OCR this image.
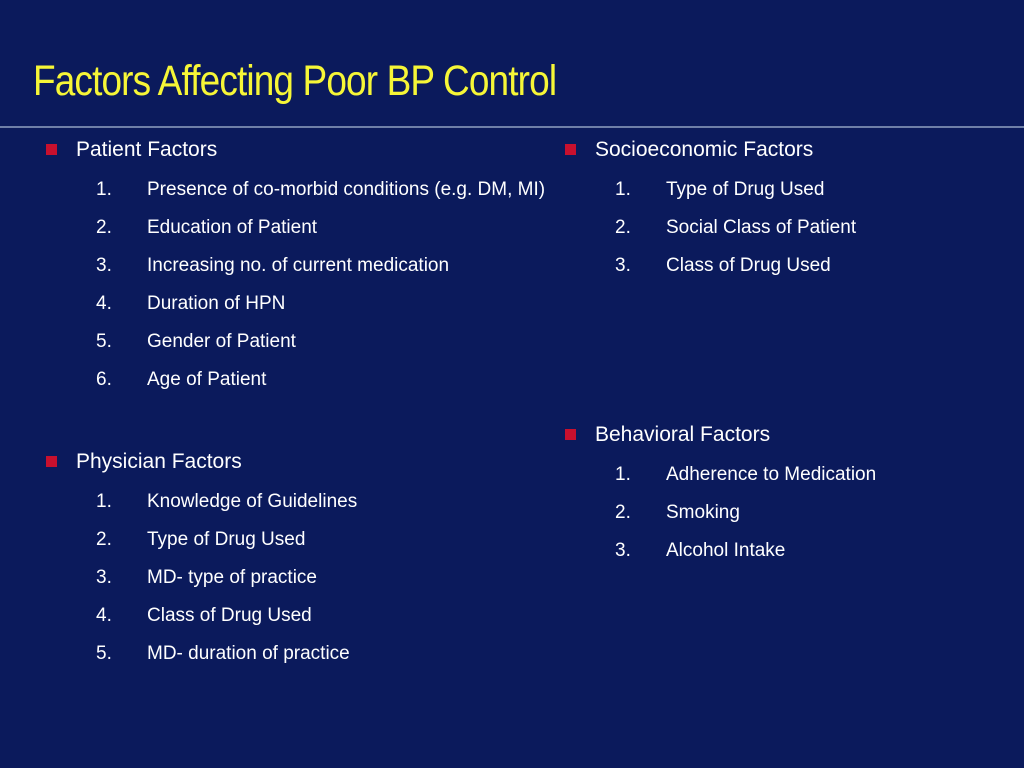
Factors Affecting Poor BP Control
Patient Factors
1. Presence of co-morbid conditions (e.g. DM, MI)
2. Education of Patient
3. Increasing no. of current medication
4. Duration of HPN
5. Gender of Patient
6. Age of Patient
Physician Factors
1. Knowledge of Guidelines
2. Type of Drug Used
3. MD- type of practice
4. Class of Drug Used
5. MD- duration of practice
Socioeconomic Factors
1. Type of Drug Used
2. Social Class of Patient
3. Class of Drug Used
Behavioral Factors
1. Adherence to Medication
2. Smoking
3. Alcohol Intake
